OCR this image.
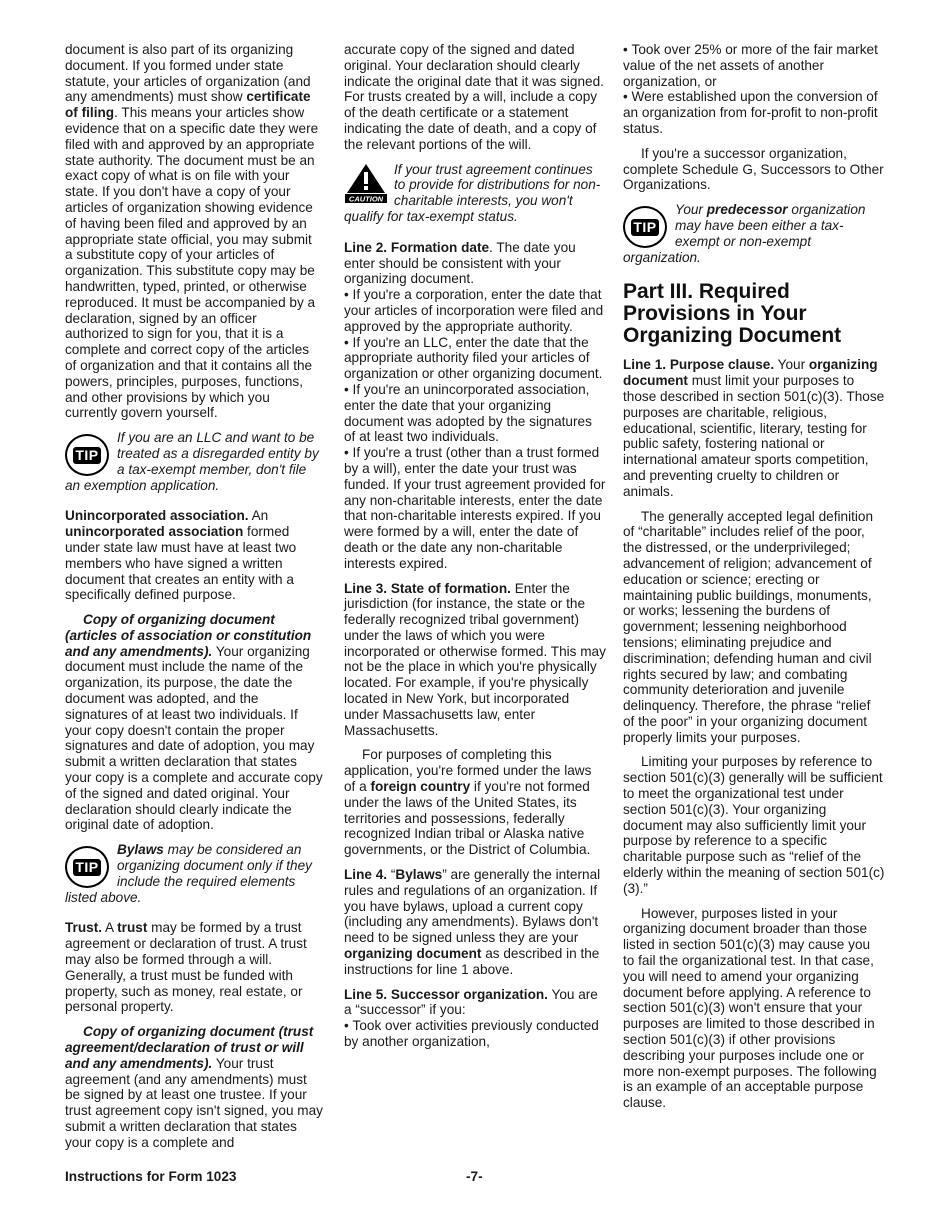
document is also part of its organizing document. If you formed under state statute, your articles of organization (and any amendments) must show certificate of filing. This means your articles show evidence that on a specific date they were filed with and approved by an appropriate state authority. The document must be an exact copy of what is on file with your state. If you don't have a copy of your articles of organization showing evidence of having been filed and approved by an appropriate state official, you may submit a substitute copy of your articles of organization. This substitute copy may be handwritten, typed, printed, or otherwise reproduced. It must be accompanied by a declaration, signed by an officer authorized to sign for you, that it is a complete and correct copy of the articles of organization and that it contains all the powers, principles, purposes, functions, and other provisions by which you currently govern yourself.

TIP
If you are an LLC and want to be treated as a disregarded entity by a tax-exempt member, don't file an exemption application.

Unincorporated association. An unincorporated association formed under state law must have at least two members who have signed a written document that creates an entity with a specifically defined purpose.

Copy of organizing document (articles of association or constitution and any amendments). Your organizing document must include the name of the organization, its purpose, the date the document was adopted, and the signatures of at least two individuals. If your copy doesn't contain the proper signatures and date of adoption, you may submit a written declaration that states your copy is a complete and accurate copy of the signed and dated original. Your declaration should clearly indicate the original date of adoption.

TIP
Bylaws may be considered an organizing document only if they include the required elements listed above.

Trust. A trust may be formed by a trust agreement or declaration of trust. A trust may also be formed through a will. Generally, a trust must be funded with property, such as money, real estate, or personal property.

Copy of organizing document (trust agreement/declaration of trust or will and any amendments). Your trust agreement (and any amendments) must be signed by at least one trustee. If your trust agreement copy isn't signed, you may submit a written declaration that states your copy is a complete and

accurate copy of the signed and dated original. Your declaration should clearly indicate the original date that it was signed. For trusts created by a will, include a copy of the death certificate or a statement indicating the date of death, and a copy of the relevant portions of the will.

CAUTION
If your trust agreement continues to provide for distributions for non-charitable interests, you won't qualify for tax-exempt status.

Line 2. Formation date. The date you enter should be consistent with your organizing document.

• If you're a corporation, enter the date that your articles of incorporation were filed and approved by the appropriate authority.

• If you're an LLC, enter the date that the appropriate authority filed your articles of organization or other organizing document.

• If you're an unincorporated association, enter the date that your organizing document was adopted by the signatures of at least two individuals.

• If you're a trust (other than a trust formed by a will), enter the date your trust was funded. If your trust agreement provided for any non-charitable interests, enter the date that non-charitable interests expired. If you were formed by a will, enter the date of death or the date any non-charitable interests expired.

Line 3. State of formation. Enter the jurisdiction (for instance, the state or the federally recognized tribal government) under the laws of which you were incorporated or otherwise formed. This may not be the place in which you're physically located. For example, if you're physically located in New York, but incorporated under Massachusetts law, enter Massachusetts.

For purposes of completing this application, you're formed under the laws of a foreign country if you're not formed under the laws of the United States, its territories and possessions, federally recognized Indian tribal or Alaska native governments, or the District of Columbia.

Line 4. “Bylaws” are generally the internal rules and regulations of an organization. If you have bylaws, upload a current copy (including any amendments). Bylaws don't need to be signed unless they are your organizing document as described in the instructions for line 1 above.

Line 5. Successor organization. You are a “successor” if you:

• Took over activities previously conducted by another organization,

• Took over 25% or more of the fair market value of the net assets of another organization, or

• Were established upon the conversion of an organization from for-profit to non-profit status.

If you're a successor organization, complete Schedule G, Successors to Other Organizations.

TIP
Your predecessor organization may have been either a tax-exempt or non-exempt organization.
Part III. Required Provisions in Your Organizing Document

Line 1. Purpose clause. Your organizing document must limit your purposes to those described in section 501(c)(3). Those purposes are charitable, religious, educational, scientific, literary, testing for public safety, fostering national or international amateur sports competition, and preventing cruelty to children or animals.

The generally accepted legal definition of “charitable” includes relief of the poor, the distressed, or the underprivileged; advancement of religion; advancement of education or science; erecting or maintaining public buildings, monuments, or works; lessening the burdens of government; lessening neighborhood tensions; eliminating prejudice and discrimination; defending human and civil rights secured by law; and combating community deterioration and juvenile delinquency. Therefore, the phrase “relief of the poor” in your organizing document properly limits your purposes.

Limiting your purposes by reference to section 501(c)(3) generally will be sufficient to meet the organizational test under section 501(c)(3). Your organizing document may also sufficiently limit your purpose by reference to a specific charitable purpose such as “relief of the elderly within the meaning of section 501(c)(3).”

However, purposes listed in your organizing document broader than those listed in section 501(c)(3) may cause you to fail the organizational test. In that case, you will need to amend your organizing document before applying. A reference to section 501(c)(3) won't ensure that your purposes are limited to those described in section 501(c)(3) if other provisions describing your purposes include one or more non-exempt purposes. The following is an example of an acceptable purpose clause.

Instructions for Form 1023	-7-
